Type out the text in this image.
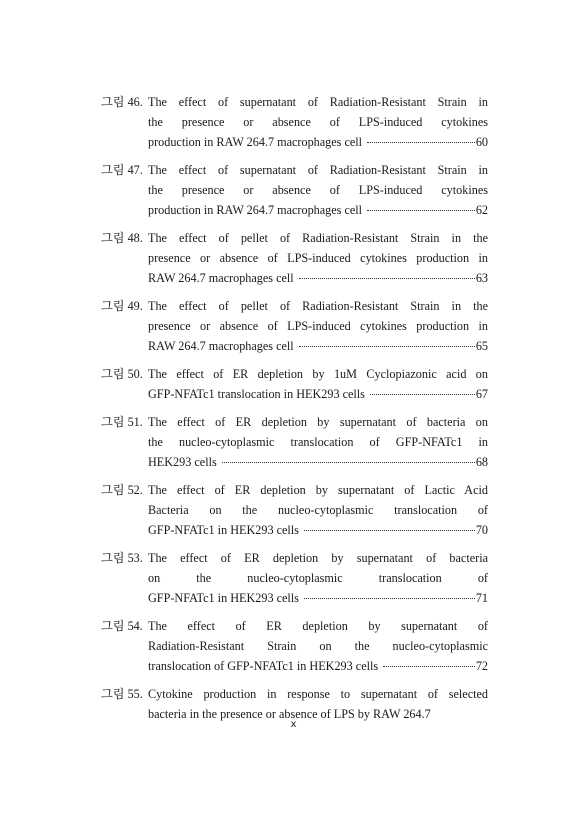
그림 46. The effect of supernatant of Radiation-Resistant Strain in
the presence or absence of LPS-induced cytokines
production in RAW 264.7 macrophages cell	60
그림 47. The effect of supernatant of Radiation-Resistant Strain in
the presence or absence of LPS-induced cytokines
production in RAW 264.7 macrophages cell	62
그림 48. The effect of pellet of Radiation-Resistant Strain in the
presence or absence of LPS-induced cytokines production in
RAW 264.7 macrophages cell	63
그림 49. The effect of pellet of Radiation-Resistant Strain in the
presence or absence of LPS-induced cytokines production in
RAW 264.7 macrophages cell	65
그림 50. The effect of ER depletion by 1uM Cyclopiazonic acid on
GFP-NFATc1 translocation in HEK293 cells	67
그림 51. The effect of ER depletion by supernatant of bacteria on
the nucleo-cytoplasmic translocation of GFP-NFATc1 in
HEK293 cells	68
그림 52. The effect of ER depletion by supernatant of Lactic Acid
Bacteria on the nucleo-cytoplasmic translocation of
GFP-NFATc1 in HEK293 cells	70
그림 53. The effect of ER depletion by supernatant of bacteria
on the nucleo-cytoplasmic translocation of
GFP-NFATc1 in HEK293 cells	71
그림 54. The effect of ER depletion by supernatant of
Radiation-Resistant Strain on the nucleo-cytoplasmic
translocation of GFP-NFATc1 in HEK293 cells	72
그림 55. Cytokine production in response to supernatant of selected
bacteria in the presence or absence of LPS by RAW 264.7
x
